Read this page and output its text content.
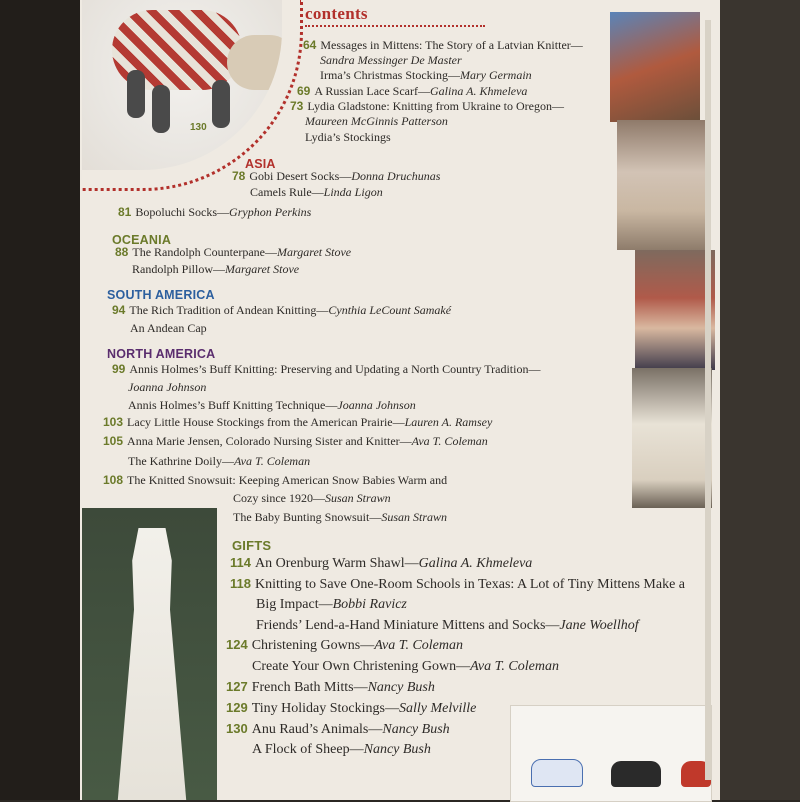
130
contents
ASIA
OCEANIA
SOUTH AMERICA
NORTH AMERICA
GIFTS
64 Messages in Mittens: The Story of a Latvian Knitter—
Sandra Messinger De Master
Irma’s Christmas Stocking—Mary Germain
69 A Russian Lace Scarf—Galina A. Khmeleva
73 Lydia Gladstone: Knitting from Ukraine to Oregon—
Maureen McGinnis Patterson
Lydia’s Stockings
78 Gobi Desert Socks—Donna Druchunas
Camels Rule—Linda Ligon
81 Bopoluchi Socks—Gryphon Perkins
88 The Randolph Counterpane—Margaret Stove
Randolph Pillow—Margaret Stove
94 The Rich Tradition of Andean Knitting—Cynthia LeCount Samaké
An Andean Cap
99 Annis Holmes’s Buff Knitting: Preserving and Updating a North Country Tradition—
Joanna Johnson
Annis Holmes’s Buff Knitting Technique—Joanna Johnson
103 Lacy Little House Stockings from the American Prairie—Lauren A. Ramsey
105 Anna Marie Jensen, Colorado Nursing Sister and Knitter—Ava T. Coleman
The Kathrine Doily—Ava T. Coleman
108 The Knitted Snowsuit: Keeping American Snow Babies Warm and
Cozy since 1920—Susan Strawn
The Baby Bunting Snowsuit—Susan Strawn
114 An Orenburg Warm Shawl—Galina A. Khmeleva
118 Knitting to Save One-Room Schools in Texas: A Lot of Tiny Mittens Make a
Big Impact—Bobbi Ravicz
Friends’ Lend-a-Hand Miniature Mittens and Socks—Jane Woellhof
124 Christening Gowns—Ava T. Coleman
Create Your Own Christening Gown—Ava T. Coleman
127 French Bath Mitts—Nancy Bush
129 Tiny Holiday Stockings—Sally Melville
130 Anu Raud’s Animals—Nancy Bush
A Flock of Sheep—Nancy Bush
